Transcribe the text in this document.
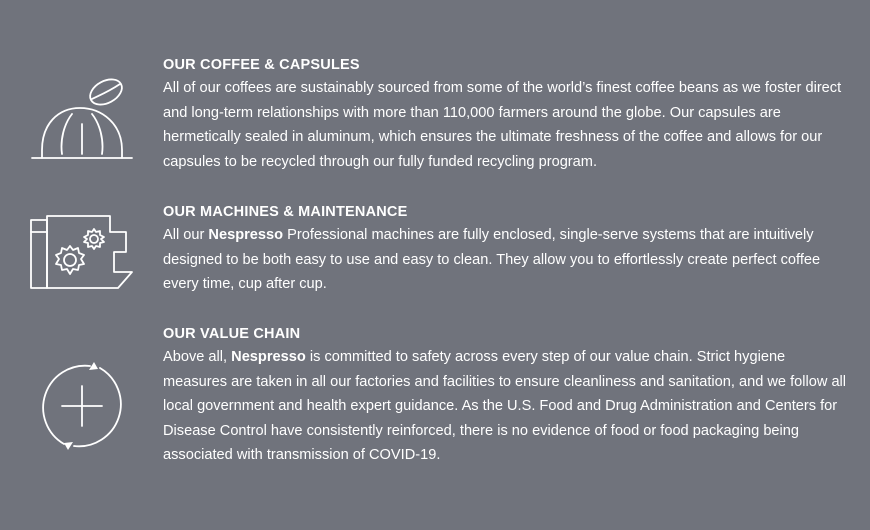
OUR COFFEE & CAPSULES

All of our coffees are sustainably sourced from some of the world’s finest coffee beans as we foster direct and long-term relationships with more than 110,000 farmers around the globe. Our capsules are hermetically sealed in aluminum, which ensures the ultimate freshness of the coffee and allows for our capsules to be recycled through our fully funded recycling program.

OUR MACHINES & MAINTENANCE

All our Nespresso Professional machines are fully enclosed, single-serve systems that are intuitively designed to be both easy to use and easy to clean. They allow you to effortlessly create perfect coffee every time, cup after cup.

OUR VALUE CHAIN

Above all, Nespresso is committed to safety across every step of our value chain. Strict hygiene measures are taken in all our factories and facilities to ensure cleanliness and sanitation, and we follow all local government and health expert guidance. As the U.S. Food and Drug Administration and Centers for Disease Control have consistently reinforced, there is no evidence of food or food packaging being associated with transmission of COVID-19.
